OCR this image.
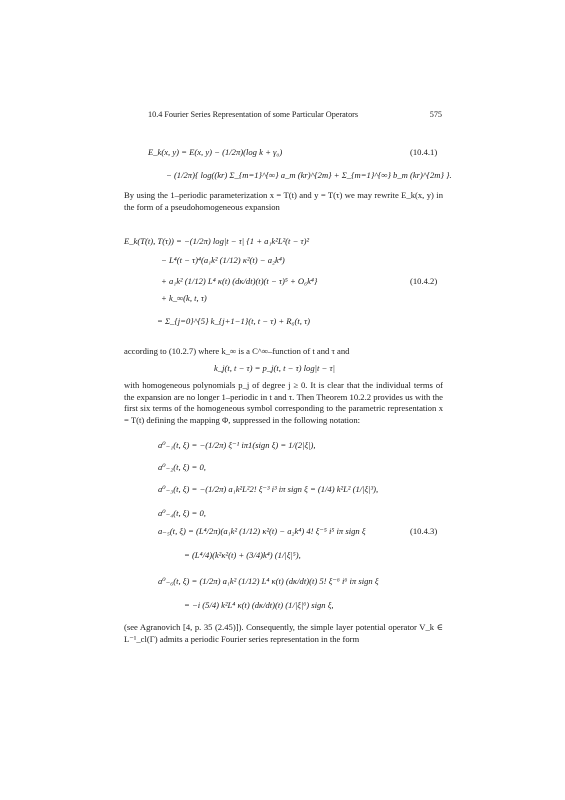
10.4 Fourier Series Representation of some Particular Operators	575
E_k(x, y) = E(x, y) − (1/2π)(log k + γ₀)	(10.4.1)
− (1/2π){ log((kr) Σ_{m=1}^{∞} a_m (kr)^{2m} + Σ_{m=1}^{∞} b_m (kr)^{2m} }.
By using the 1–periodic parameterization x = T(t) and y = T(τ) we may rewrite E_k(x, y) in the form of a pseudohomogeneous expansion
E_k(T(t), T(τ)) = −(1/2π) log|t − τ| {1 + a₁k²L²(t − τ)²
− L⁴(t − τ)⁴(a₁k² (1/12) κ²(t) − a₂k⁴)
+ a₁k² (1/12) L⁴ κ(t) (dκ/dt)(t)(t − τ)⁵ + O₆k⁴}	(10.4.2)
+ k_∞(k, t, τ)
= Σ_{j=0}^{5} k_{j+1−1}(t, t − τ) + R₆(t, τ)
according to (10.2.7) where k_∞ is a C^∞–function of t and τ and
k_j(t, t − τ) = p_j(t, t − τ) log|t − τ|
with homogeneous polynomials p_j of degree j ≥ 0. It is clear that the individual terms of the expansion are no longer 1–periodic in t and τ. Then Theorem 10.2.2 provides us with the first six terms of the homogeneous symbol corresponding to the parametric representation x = T(t) defining the mapping Φ, suppressed in the following notation:
a⁰₋₁(t, ξ) = −(1/2π) ξ⁻¹ iπ1(sign ξ) = 1/(2|ξ|),
a⁰₋₂(t, ξ) = 0,
a⁰₋₃(t, ξ) = −(1/2π) a₁k²L²2! ξ⁻³ i³ iπ sign ξ = (1/4) k²L² (1/|ξ|³),
a⁰₋₄(t, ξ) = 0,
a₋₅(t, ξ) = (L⁴/2π)(a₁k² (1/12) κ²(t) − a₂k⁴) 4! ξ⁻⁵ i⁵ iπ sign ξ	(10.4.3)
= (L⁴/4)(k²κ²(t) + (3/4)k⁴) (1/|ξ|⁵),
a⁰₋₆(t, ξ) = (1/2π) a₁k² (1/12) L⁴ κ(t) (dκ/dt)(t) 5! ξ⁻⁶ i⁶ iπ sign ξ
= −i (5/4) k²L⁴ κ(t) (dκ/dt)(t) (1/|ξ|⁶) sign ξ,
(see Agranovich [4, p. 35 (2.45)]). Consequently, the simple layer potential operator V_k ∈ L⁻¹_cl(Γ) admits a periodic Fourier series representation in the form
